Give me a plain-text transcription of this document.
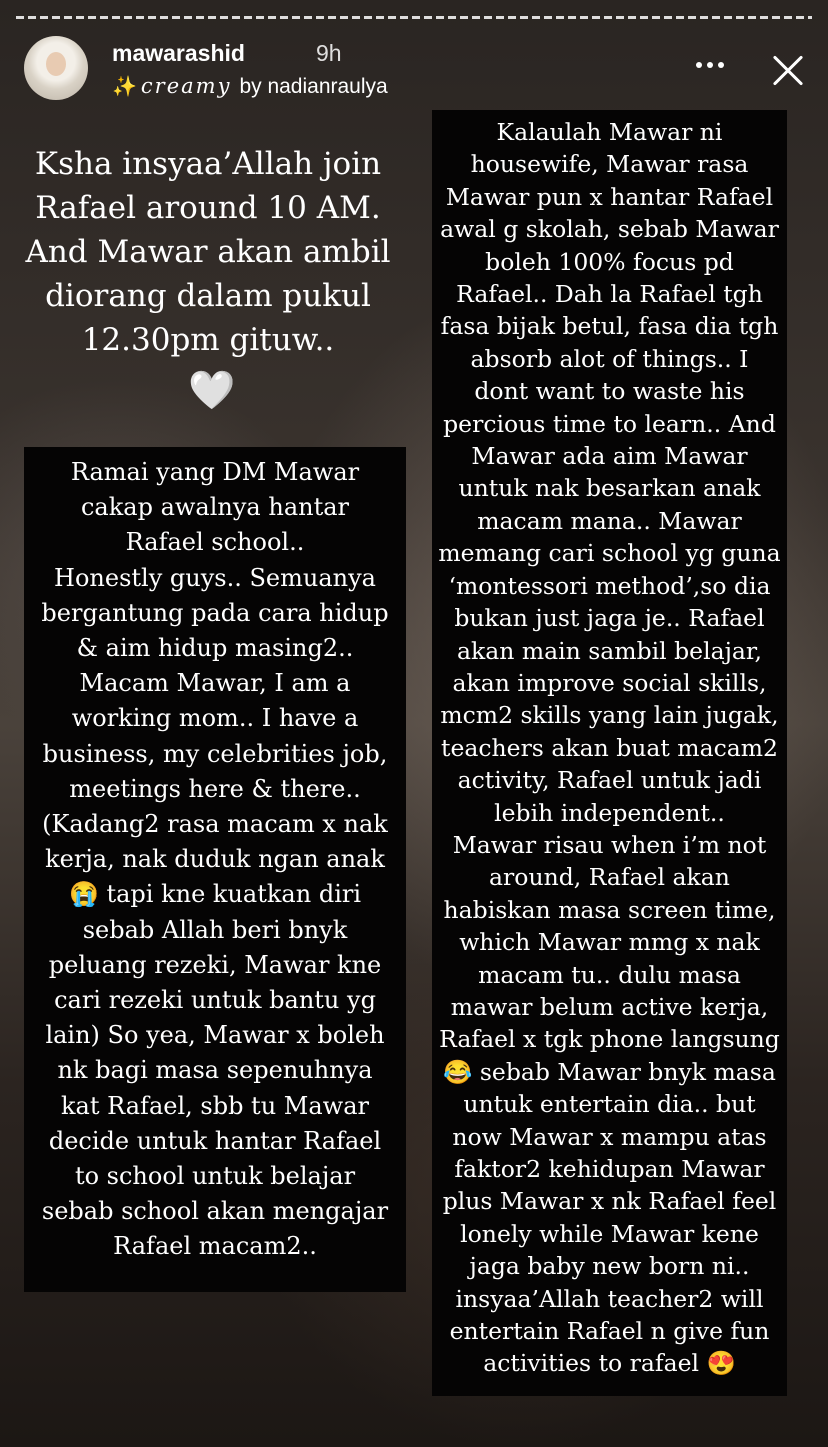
mawarashid	9h
✨ creamy by nadianraulya
Ksha insyaa’Allah join
Rafael around 10 AM.
And Mawar akan ambil
diorang dalam pukul
12.30pm gituw..
🤍
Ramai yang DM Mawar
cakap awalnya hantar
Rafael school..
Honestly guys.. Semuanya
bergantung pada cara hidup
& aim hidup masing2..
Macam Mawar, I am a
working mom.. I have a
business, my celebrities job,
meetings here & there..
(Kadang2 rasa macam x nak
kerja, nak duduk ngan anak
😭 tapi kne kuatkan diri
sebab Allah beri bnyk
peluang rezeki, Mawar kne
cari rezeki untuk bantu yg
lain) So yea, Mawar x boleh
nk bagi masa sepenuhnya
kat Rafael, sbb tu Mawar
decide untuk hantar Rafael
to school untuk belajar
sebab school akan mengajar
Rafael macam2..
Kalaulah Mawar ni
housewife, Mawar rasa
Mawar pun x hantar Rafael
awal g skolah, sebab Mawar
boleh 100% focus pd
Rafael.. Dah la Rafael tgh
fasa bijak betul, fasa dia tgh
absorb alot of things.. I
dont want to waste his
percious time to learn.. And
Mawar ada aim Mawar
untuk nak besarkan anak
macam mana.. Mawar
memang cari school yg guna
‘montessori method’,so dia
bukan just jaga je.. Rafael
akan main sambil belajar,
akan improve social skills,
mcm2 skills yang lain jugak,
teachers akan buat macam2
activity, Rafael untuk jadi
lebih independent..
Mawar risau when i’m not
around, Rafael akan
habiskan masa screen time,
which Mawar mmg x nak
macam tu.. dulu masa
mawar belum active kerja,
Rafael x tgk phone langsung
😂 sebab Mawar bnyk masa
untuk entertain dia.. but
now Mawar x mampu atas
faktor2 kehidupan Mawar
plus Mawar x nk Rafael feel
lonely while Mawar kene
jaga baby new born ni..
insyaa’Allah teacher2 will
entertain Rafael n give fun
activities to rafael 😍
